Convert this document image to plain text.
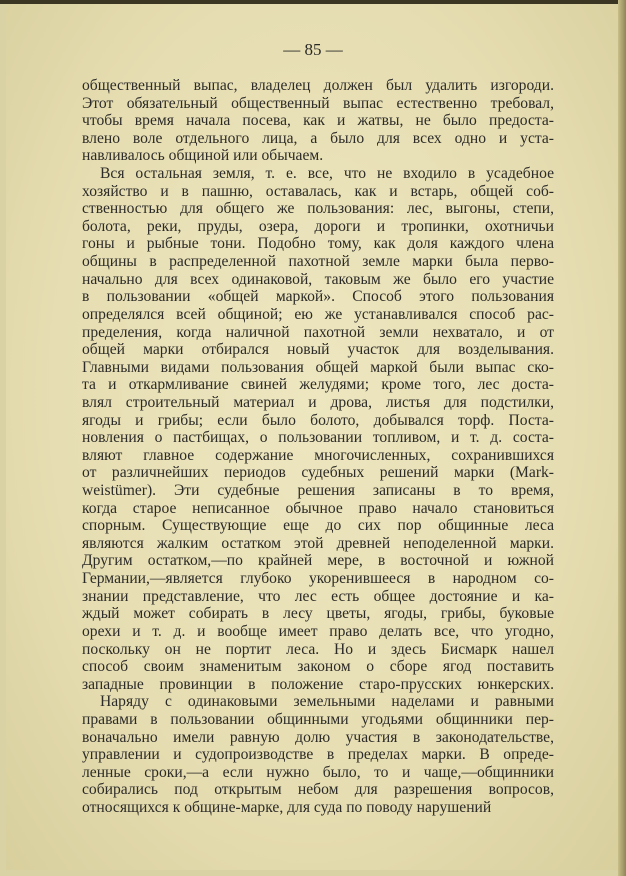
— 85 —
общественный выпас, владелец должен был удалить изгороди.
Этот обязательный общественный выпас естественно требовал,
чтобы время начала посева, как и жатвы, не было предоста-
влено воле отдельного лица, а было для всех одно и уста-
навливалось общиной или обычаем.
Вся остальная земля, т. е. все, что не входило в усадебное
хозяйство и в пашню, оставалась, как и встарь, общей соб-
ственностью для общего же пользования: лес, выгоны, степи,
болота, реки, пруды, озера, дороги и тропинки, охотничьи
гоны и рыбные тони. Подобно тому, как доля каждого члена
общины в распределенной пахотной земле марки была перво-
начально для всех одинаковой, таковым же было его участие
в пользовании «общей маркой». Способ этого пользования
определялся всей общиной; ею же устанавливался способ рас-
пределения, когда наличной пахотной земли нехватало, и от
общей марки отбирался новый участок для возделывания.
Главными видами пользования общей маркой были выпас ско-
та и откармливание свиней желудями; кроме того, лес доста-
влял строительный материал и дрова, листья для подстилки,
ягоды и грибы; если было болото, добывался торф. Поста-
новления о пастбищах, о пользовании топливом, и т. д. соста-
вляют главное содержание многочисленных, сохранившихся
от различнейших периодов судебных решений марки (Mark-
weistümer). Эти судебные решения записаны в то время,
когда старое неписанное обычное право начало становиться
спорным. Существующие еще до сих пор общинные леса
являются жалким остатком этой древней неподеленной марки.
Другим остатком,—по крайней мере, в восточной и южной
Германии,—является глубоко укоренившееся в народном со-
знании представление, что лес есть общее достояние и ка-
ждый может собирать в лесу цветы, ягоды, грибы, буковые
орехи и т. д. и вообще имеет право делать все, что угодно,
поскольку он не портит леса. Но и здесь Бисмарк нашел
способ своим знаменитым законом о сборе ягод поставить
западные провинции в положение старо-прусских юнкерских.
Наряду с одинаковыми земельными наделами и равными
правами в пользовании общинными угодьями общинники пер-
воначально имели равную долю участия в законодательстве,
управлении и судопроизводстве в пределах марки. В опреде-
ленные сроки,—а если нужно было, то и чаще,—общинники
собирались под открытым небом для разрешения вопросов,
относящихся к общине-марке, для суда по поводу нарушений
